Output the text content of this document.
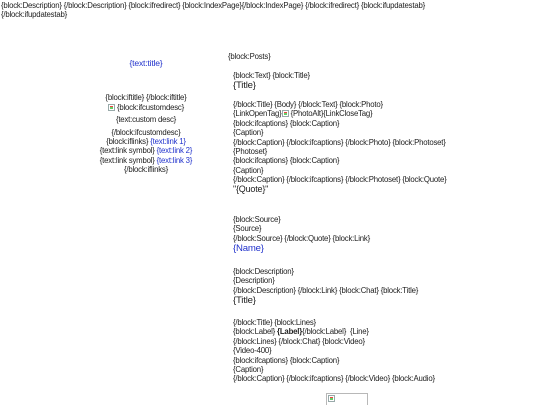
{block:Description} {/block:Description} {block:ifredirect} {block:IndexPage}{/block:IndexPage} {/block:ifredirect} {block:ifupdatestab}
{/block:ifupdatestab}
{text:title}
{block:iftitle} {/block:iftitle}
{block:ifcustomdesc}
{text:custom desc}
{/block:ifcustomdesc}
{block:iflinks} {text:link 1} {text:link symbol} {text:link 2} {text:link symbol} {text:link 3}{/block:iflinks}
{block:Posts}
{block:Text} {block:Title}
{Title}
{/block:Title} {Body} {/block:Text} {block:Photo}
{LinkOpenTag} {PhotoAlt}{LinkCloseTag}
{block:ifcaptions} {block:Caption}
{Caption}
{/block:Caption} {/block:ifcaptions} {/block:Photo} {block:Photoset}
{Photoset}
{block:ifcaptions} {block:Caption}
{Caption}
{/block:Caption} {/block:ifcaptions} {/block:Photoset} {block:Quote}
"{Quote}"
{block:Source}
{Source}
{/block:Source} {/block:Quote} {block:Link}
{Name}
{block:Description}
{Description}
{/block:Description} {/block:Link} {block:Chat} {block:Title}
{Title}
{/block:Title} {block:Lines}
{block:Label} {Label}{/block:Label} {Line}
{/block:Lines} {/block:Chat} {block:Video}
{Video-400}
{block:ifcaptions} {block:Caption}
{Caption}
{/block:Caption} {/block:ifcaptions} {/block:Video} {block:Audio}
